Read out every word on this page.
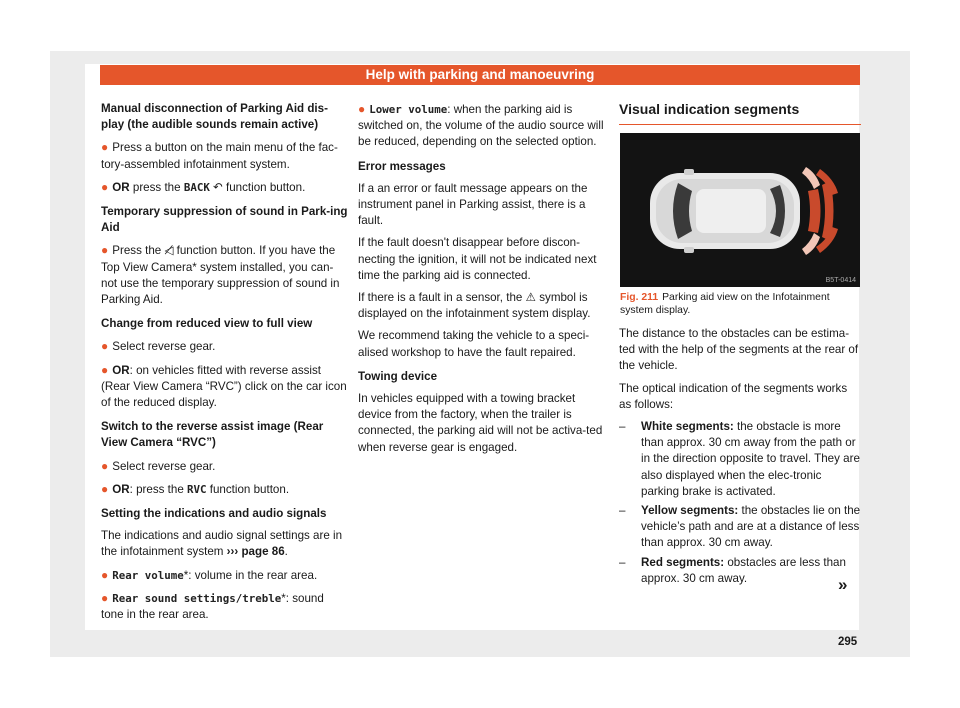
Help with parking and manoeuvring

Manual disconnection of Parking Aid dis-play (the audible sounds remain active)

● Press a button on the main menu of the fac-tory-assembled infotainment system.

● OR press the BACK ↶ function button.

Temporary suppression of sound in Park-ing Aid

● Press the ◁̸ function button. If you have the Top View Camera* system installed, you can-not use the temporary suppression of sound in Parking Aid.

Change from reduced view to full view

● Select reverse gear.

● OR: on vehicles fitted with reverse assist (Rear View Camera “RVC”) click on the car icon of the reduced display.

Switch to the reverse assist image (Rear View Camera “RVC”)

● Select reverse gear.

● OR: press the RVC function button.

Setting the indications and audio signals

The indications and audio signal settings are in the infotainment system ››› page 86.

● Rear volume*: volume in the rear area.

● Rear sound settings/treble*: sound tone in the rear area.

● Lower volume: when the parking aid is switched on, the volume of the audio source will be reduced, depending on the selected option.

Error messages

If a an error or fault message appears on the instrument panel in Parking assist, there is a fault.

If the fault doesn't disappear before discon-necting the ignition, it will not be indicated next time the parking aid is connected.

If there is a fault in a sensor, the ⚠ symbol is displayed on the infotainment system display.

We recommend taking the vehicle to a speci-alised workshop to have the fault repaired.

Towing device

In vehicles equipped with a towing bracket device from the factory, when the trailer is connected, the parking aid will not be activa-ted when reverse gear is engaged.

Visual indication segments

B5T-0414
Fig. 211 Parking aid view on the Infotainment system display.

The distance to the obstacles can be estima-ted with the help of the segments at the rear of the vehicle.

The optical indication of the segments works as follows:

–	White segments: the obstacle is more than approx. 30 cm away from the path or in the direction opposite to travel. They are also displayed when the elec-tronic parking brake is activated.
–	Yellow segments: the obstacles lie on the vehicle’s path and are at a distance of less than approx. 30 cm away.
–	Red segments: obstacles are less than approx. 30 cm away.	»
295
